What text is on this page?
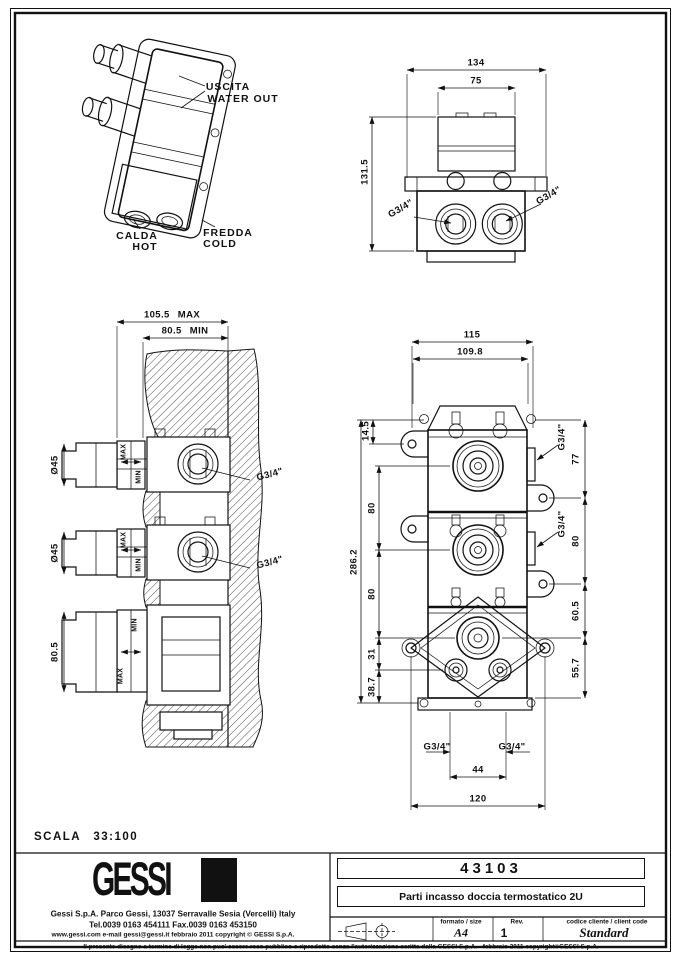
USCITA
WATER OUT
CALDA
HOT
FREDDA
COLD
134
75
131.5
G3/4"
G3/4"
105.5 MAX
80.5 MIN
Ø45
Ø45
80.5
MAX
MIN
MAX
MIN
MIN
MAX
G3/4"
G3/4"
115
109.8
14.5
80
80
286.2
31
38.7
G3/4"
77
G3/4"
80
60.5
55.7
G3/4"	G3/4"
44
120
SCALA 33:100
GESSI
Gessi S.p.A. Parco Gessi, 13037 Serravalle Sesia (Vercelli) Italy
Tel.0039 0163 454111 Fax.0039 0163 453150
www.gessi.com e-mail gessi@gessi.it febbraio 2011 copyright © GESSI S.p.A.
43103
Parti incasso doccia termostatico 2U
formato / size
A4
Rev.
1
codice cliente / client code
Standard
Il presente disegno a termine di legge non puo' essere reso pubblico o riprodotto senza l'autorizzazione scritta dalla GESSI S.p.A. - febbraio 2011 copyright©GESSI S.p.A.
